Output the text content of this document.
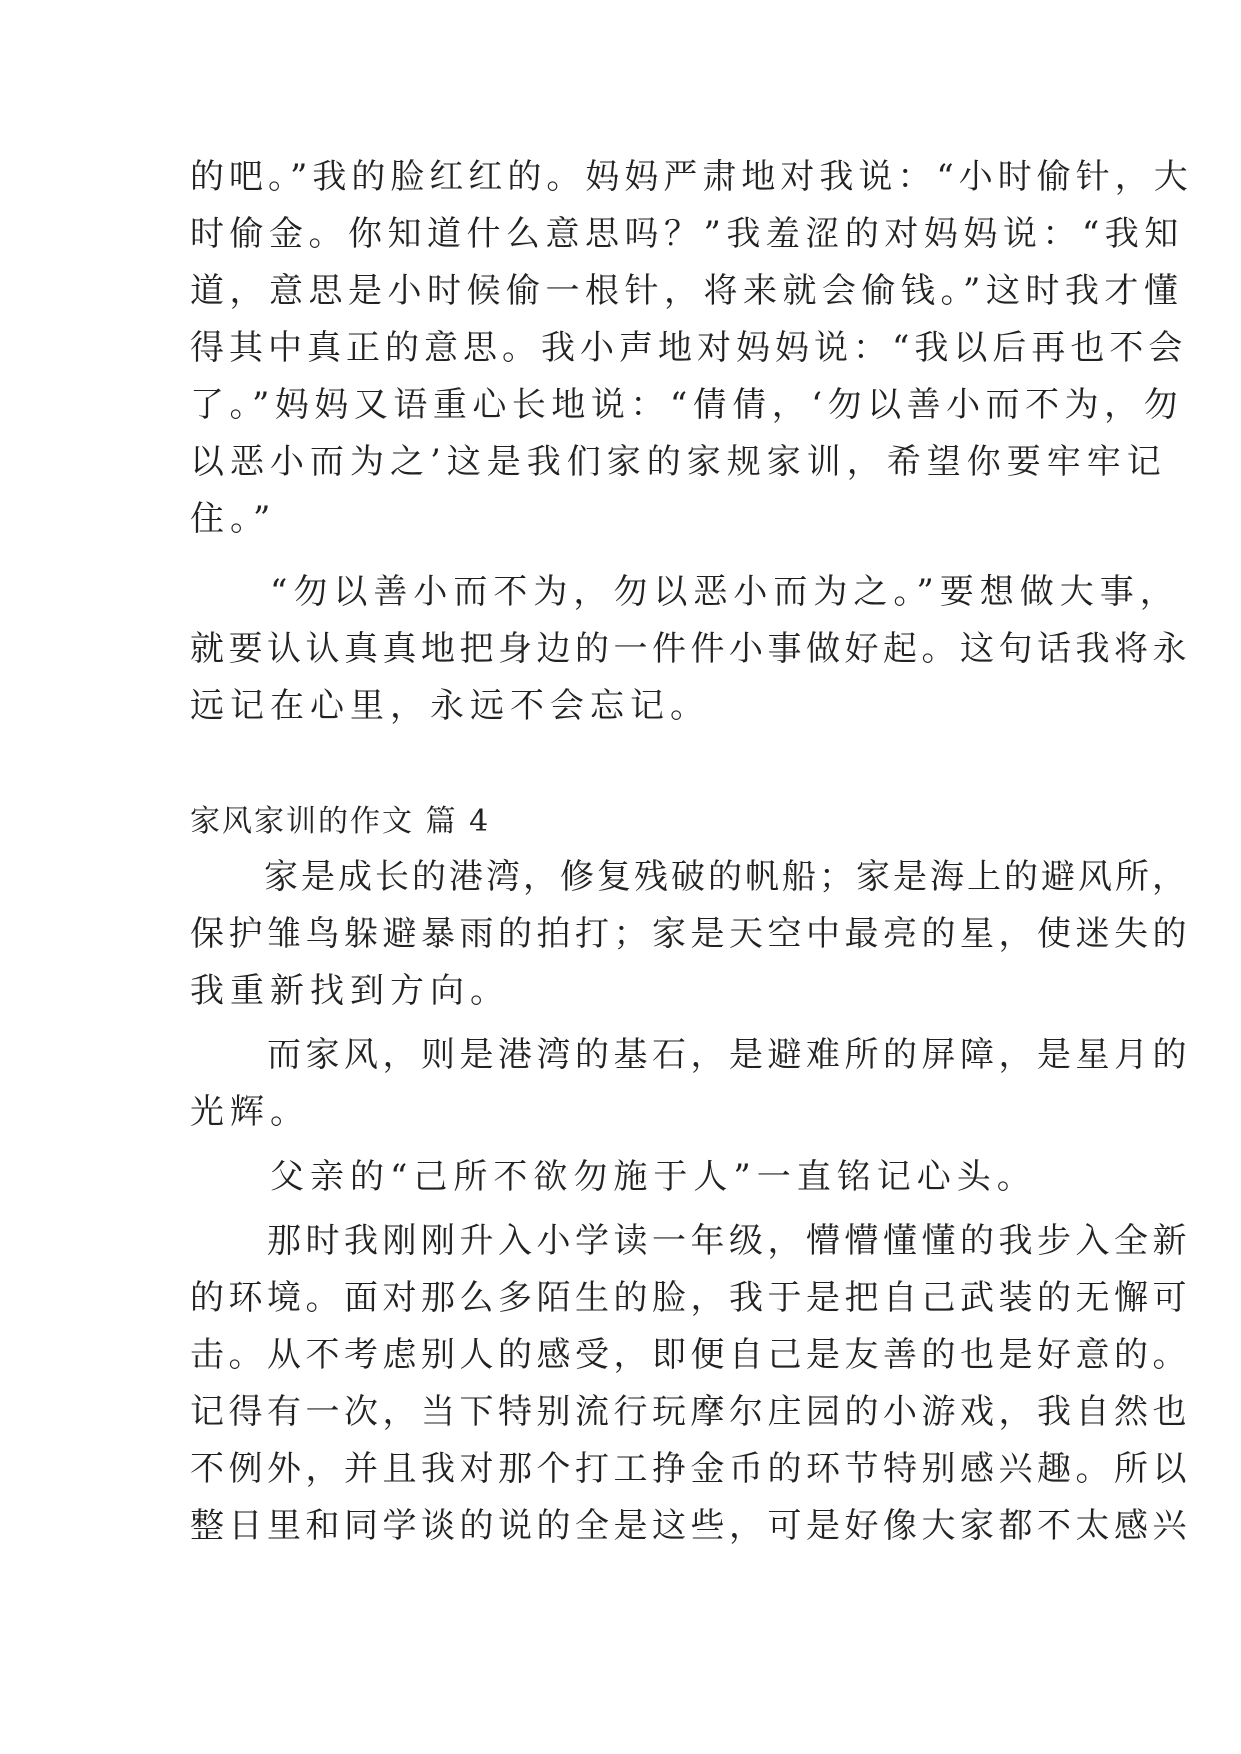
的吧。”我的脸红红的。妈妈严肃地对我说：“小时偷针，大
时偷金。你知道什么意思吗？”我羞涩的对妈妈说：“我知
道，意思是小时候偷一根针，将来就会偷钱。”这时我才懂
得其中真正的意思。我小声地对妈妈说：“我以后再也不会
了。”妈妈又语重心长地说：“倩倩，‘勿以善小而不为，勿
以恶小而为之’这是我们家的家规家训，希望你要牢牢记
住。”
　　“勿以善小而不为，勿以恶小而为之。”要想做大事，
就要认认真真地把身边的一件件小事做好起。这句话我将永
远记在心里，永远不会忘记。
家风家训的作文 篇 4
　　家是成长的港湾，修复残破的帆船；家是海上的避风所，
保护雏鸟躲避暴雨的拍打；家是天空中最亮的星，使迷失的
我重新找到方向。
　　而家风，则是港湾的基石，是避难所的屏障，是星月的
光辉。
　　父亲的“己所不欲勿施于人”一直铭记心头。
　　那时我刚刚升入小学读一年级，懵懵懂懂的我步入全新
的环境。面对那么多陌生的脸，我于是把自己武装的无懈可
击。从不考虑别人的感受，即便自己是友善的也是好意的。
记得有一次，当下特别流行玩摩尔庄园的小游戏，我自然也
不例外，并且我对那个打工挣金币的环节特别感兴趣。所以
整日里和同学谈的说的全是这些，可是好像大家都不太感兴
